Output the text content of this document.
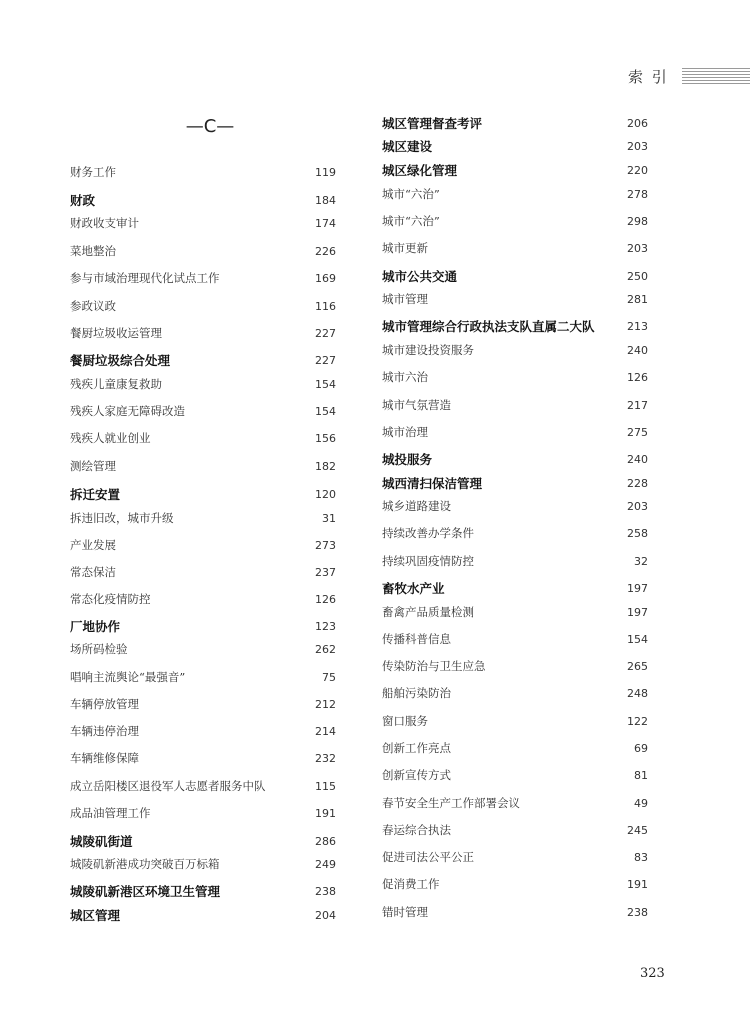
索 引
—C—
财务工作	119
财政	184
财政收支审计	174
菜地整治	226
参与市域治理现代化试点工作	169
参政议政	116
餐厨垃圾收运管理	227
餐厨垃圾综合处理	227
残疾儿童康复救助	154
残疾人家庭无障碍改造	154
残疾人就业创业	156
测绘管理	182
拆迁安置	120
拆违旧改，城市升级	31
产业发展	273
常态保洁	237
常态化疫情防控	126
厂地协作	123
场所码检验	262
唱响主流舆论“最强音”	75
车辆停放管理	212
车辆违停治理	214
车辆维修保障	232
成立岳阳楼区退役军人志愿者服务中队	115
成品油管理工作	191
城陵矶街道	286
城陵矶新港成功突破百万标箱	249
城陵矶新港区环境卫生管理	238
城区管理	204
城区管理督查考评	206
城区建设	203
城区绿化管理	220
城市“六治”	278
城市“六治”	298
城市更新	203
城市公共交通	250
城市管理	281
城市管理综合行政执法支队直属二大队	213
城市建设投资服务	240
城市六治	126
城市气氛营造	217
城市治理	275
城投服务	240
城西清扫保洁管理	228
城乡道路建设	203
持续改善办学条件	258
持续巩固疫情防控	32
畜牧水产业	197
畜禽产品质量检测	197
传播科普信息	154
传染防治与卫生应急	265
船舶污染防治	248
窗口服务	122
创新工作亮点	69
创新宣传方式	81
春节安全生产工作部署会议	49
春运综合执法	245
促进司法公平公正	83
促消费工作	191
错时管理	238
323
